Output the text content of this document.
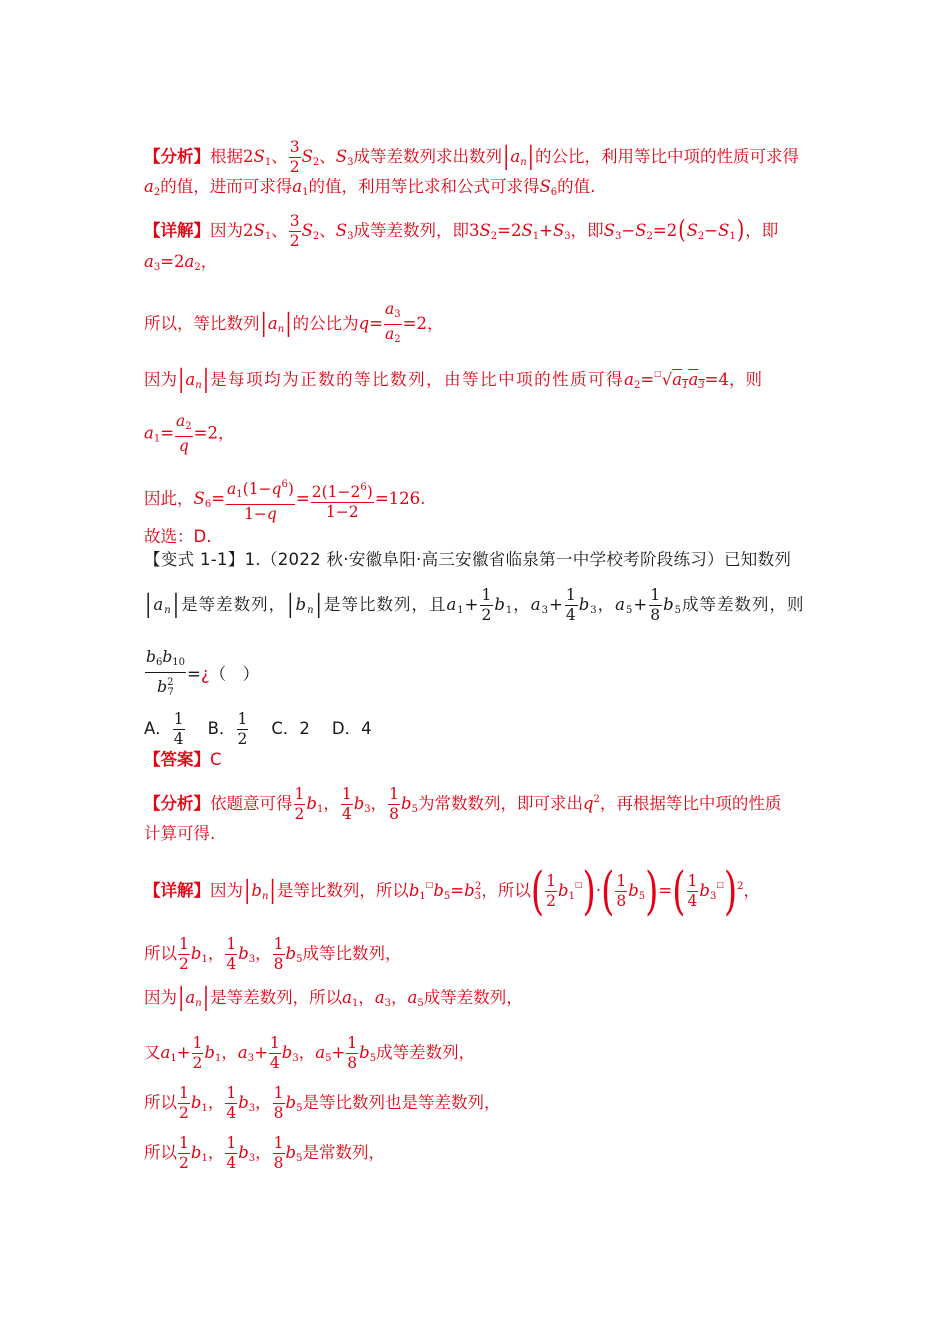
【分析】根据$2S_1$、 $\frac{3}{2} S_2$、$S_3$成等差数列求出数列$|a_n|$的公比，利用等比中项的性质可求得
$a_2$的值，进而可求得$a_1$的值，利用等比求和公式可求得$S_6$的值.
【详解】因为$2S_1$、 $\frac{3}{2} S_2$、$S_3$成等差数列，即$3S_2=2S_1+S_3$，即$S_3-S_2=2(S_2-S_1)$，即
$a_3=2a_2$，
所以，等比数列$|a_n|$的公比为$q= \frac{a_3}{a_2} =2$，
因为$|a_n|$是每项均为正数的等比数列，由等比中项的性质可得$a_2=^□√a_1a_3=4$，则
$a_1= \frac{a_2}{q} =2$，
因此，$S_6= \frac{a_1(1-q^6)}{1-q} = \frac{2(1-2^6)}{1-2} =126$.
故选：D.
【变式 1-1】1.（2022 秋·安徽阜阳·高三安徽省临泉第一中学校考阶段练习）已知数列
$|a_n|$是等差数列，$|b_n|$是等比数列，且$a_1+ \frac{1}{2} b_1$，$a_3+ \frac{1}{4} b_3$，$a_5+ \frac{1}{8} b_5$成等差数列，则
$\frac{b_6b_{10}}{b^2_7}$ =¿（　）
A． $\frac{1}{4}$ B． $\frac{1}{2}$ C．2 D．4
【答案】C
【分析】依题意可得 $\frac{1}{2} b_1$， $\frac{1}{4} b_3$， $\frac{1}{8} b_5$为常数数列，即可求出$q^2$，再根据等比中项的性质
计算可得.
【详解】因为$|b_n|$是等比数列，所以$b_1^□b_5=b_3^2$，所以( $\frac{1}{2} b_1^□)\cdot( \frac{1}{8} b_5)=( \frac{1}{4} b_3^□)^2$，
所以 $\frac{1}{2} b_1$， $\frac{1}{4} b_3$， $\frac{1}{8} b_5$成等比数列，
因为$|a_n|$是等差数列，所以$a_1$，$a_3$，$a_5$成等差数列，
又$a_1+ \frac{1}{2} b_1$，$a_3+ \frac{1}{4} b_3$，$a_5+ \frac{1}{8} b_5$成等差数列，
所以 $\frac{1}{2} b_1$， $\frac{1}{4} b_3$， $\frac{1}{8} b_5$是等比数列也是等差数列，
所以 $\frac{1}{2} b_1$， $\frac{1}{4} b_3$， $\frac{1}{8} b_5$是常数列，
